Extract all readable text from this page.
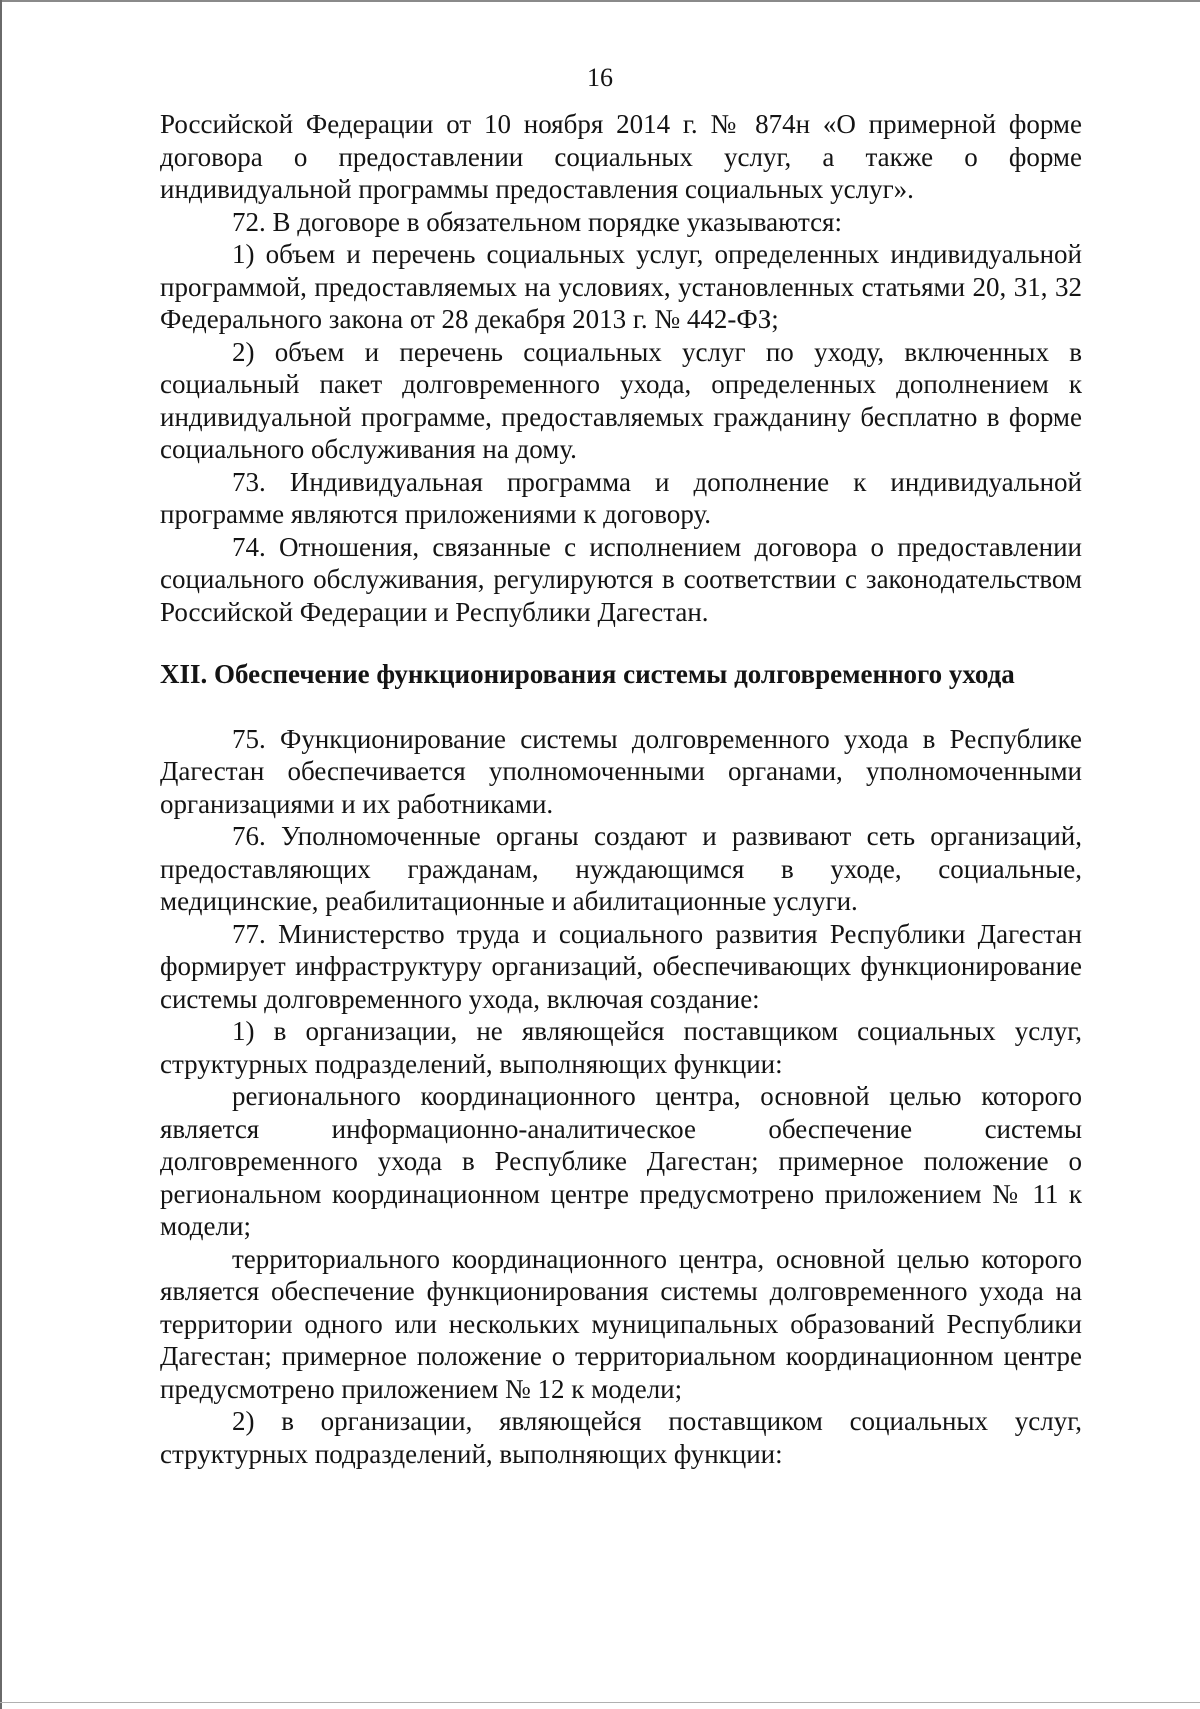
16

Российской Федерации от 10 ноября 2014 г. № 874н «О примерной форме договора о предоставлении социальных услуг, а также о форме индивидуальной программы предоставления социальных услуг».

72. В договоре в обязательном порядке указываются:

1) объем и перечень социальных услуг, определенных индивидуальной программой, предоставляемых на условиях, установленных статьями 20, 31, 32 Федерального закона от 28 декабря 2013 г. № 442-ФЗ;

2) объем и перечень социальных услуг по уходу, включенных в социальный пакет долговременного ухода, определенных дополнением к индивидуальной программе, предоставляемых гражданину бесплатно в форме социального обслуживания на дому.

73. Индивидуальная программа и дополнение к индивидуальной программе являются приложениями к договору.

74. Отношения, связанные с исполнением договора о предоставлении социального обслуживания, регулируются в соответствии с законодательством Российской Федерации и Республики Дагестан.

XII. Обеспечение функционирования системы долговременного ухода

75. Функционирование системы долговременного ухода в Республике Дагестан обеспечивается уполномоченными органами, уполномоченными организациями и их работниками.

76. Уполномоченные органы создают и развивают сеть организаций, предоставляющих гражданам, нуждающимся в уходе, социальные, медицинские, реабилитационные и абилитационные услуги.

77. Министерство труда и социального развития Республики Дагестан формирует инфраструктуру организаций, обеспечивающих функционирование системы долговременного ухода, включая создание:

1) в организации, не являющейся поставщиком социальных услуг, структурных подразделений, выполняющих функции:

регионального координационного центра, основной целью которого является информационно-аналитическое обеспечение системы долговременного ухода в Республике Дагестан; примерное положение о региональном координационном центре предусмотрено приложением № 11 к модели;

территориального координационного центра, основной целью которого является обеспечение функционирования системы долговременного ухода на территории одного или нескольких муниципальных образований Республики Дагестан; примерное положение о территориальном координационном центре предусмотрено приложением № 12 к модели;

2) в организации, являющейся поставщиком социальных услуг, структурных подразделений, выполняющих функции:
